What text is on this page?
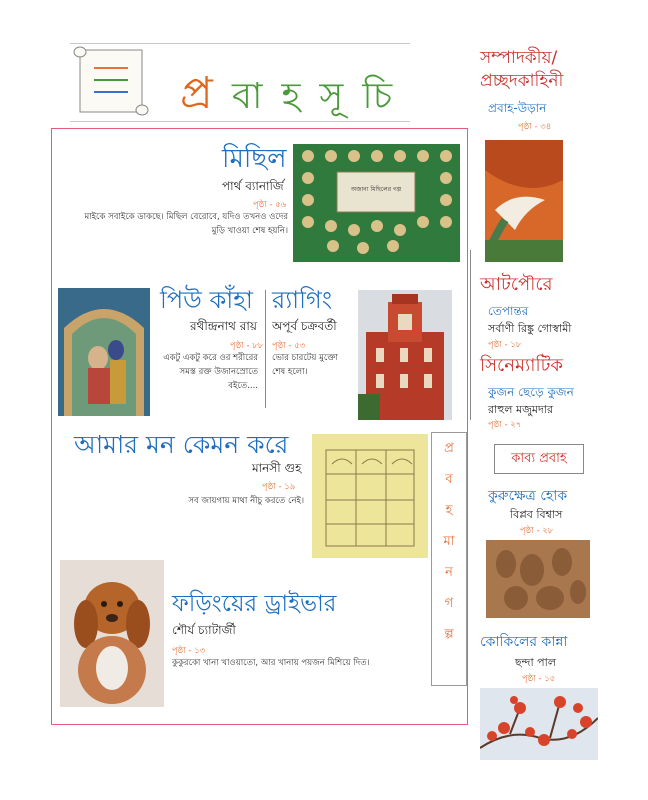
প্র বা হ সূ চি
মিছিল
পার্থ ব্যানার্জি
পৃষ্ঠা - ৫৬
মাইকে সবাইকে ডাকছে। মিছিল বেরোবে, যদিও তখনও ওদের মুড়ি খাওয়া শেষ হয়নি।
অজানা মিছিলের গল্প
পিউ কাঁহা
রথীন্দ্রনাথ রায়
পৃষ্ঠা - ৮৮
একটু একটু করে ওর শরীরের সমস্ত রক্ত উজানস্রোতে বইতে....
র‍্যাগিং
অপূর্ব চক্রবর্তী
পৃষ্ঠা - ৫৩
ভোর চারটেয় মুক্তো শেষ হলো।
আমার মন কেমন করে
মানসী গুহ
পৃষ্ঠা - ১৯
সব জায়গায় মাথা নীচু করতে নেই।
ফড়িংয়ের ড্রাইভার
শৌর্য চ্যাটার্জী
পৃষ্ঠা - ১৩
কুকুরকো খানা খাওয়াতো, আর খানায় পয়জন মিশিয়ে দিত।
প্র
ব
হ
মা
ন
গ
ল্প
সম্পাদকীয়/
প্রচ্ছদকাহিনী
প্রবাহ-উড়ান
পৃষ্ঠা - ৩৪
আটপৌরে
তেপান্তর
সর্বাণী রিঙ্কু গোস্বামী
পৃষ্ঠা - ১৮
সিনেম্যাটিক
কুজন ছেড়ে কুজন
রাহুল মজুমদার
পৃষ্ঠা - ২৭
কাব্য প্রবাহ
কুরুক্ষেত্র হোক
বিপ্লব বিশ্বাস
পৃষ্ঠা - ২৮
কোকিলের কান্না
ছন্দা পাল
পৃষ্ঠা - ১৫
